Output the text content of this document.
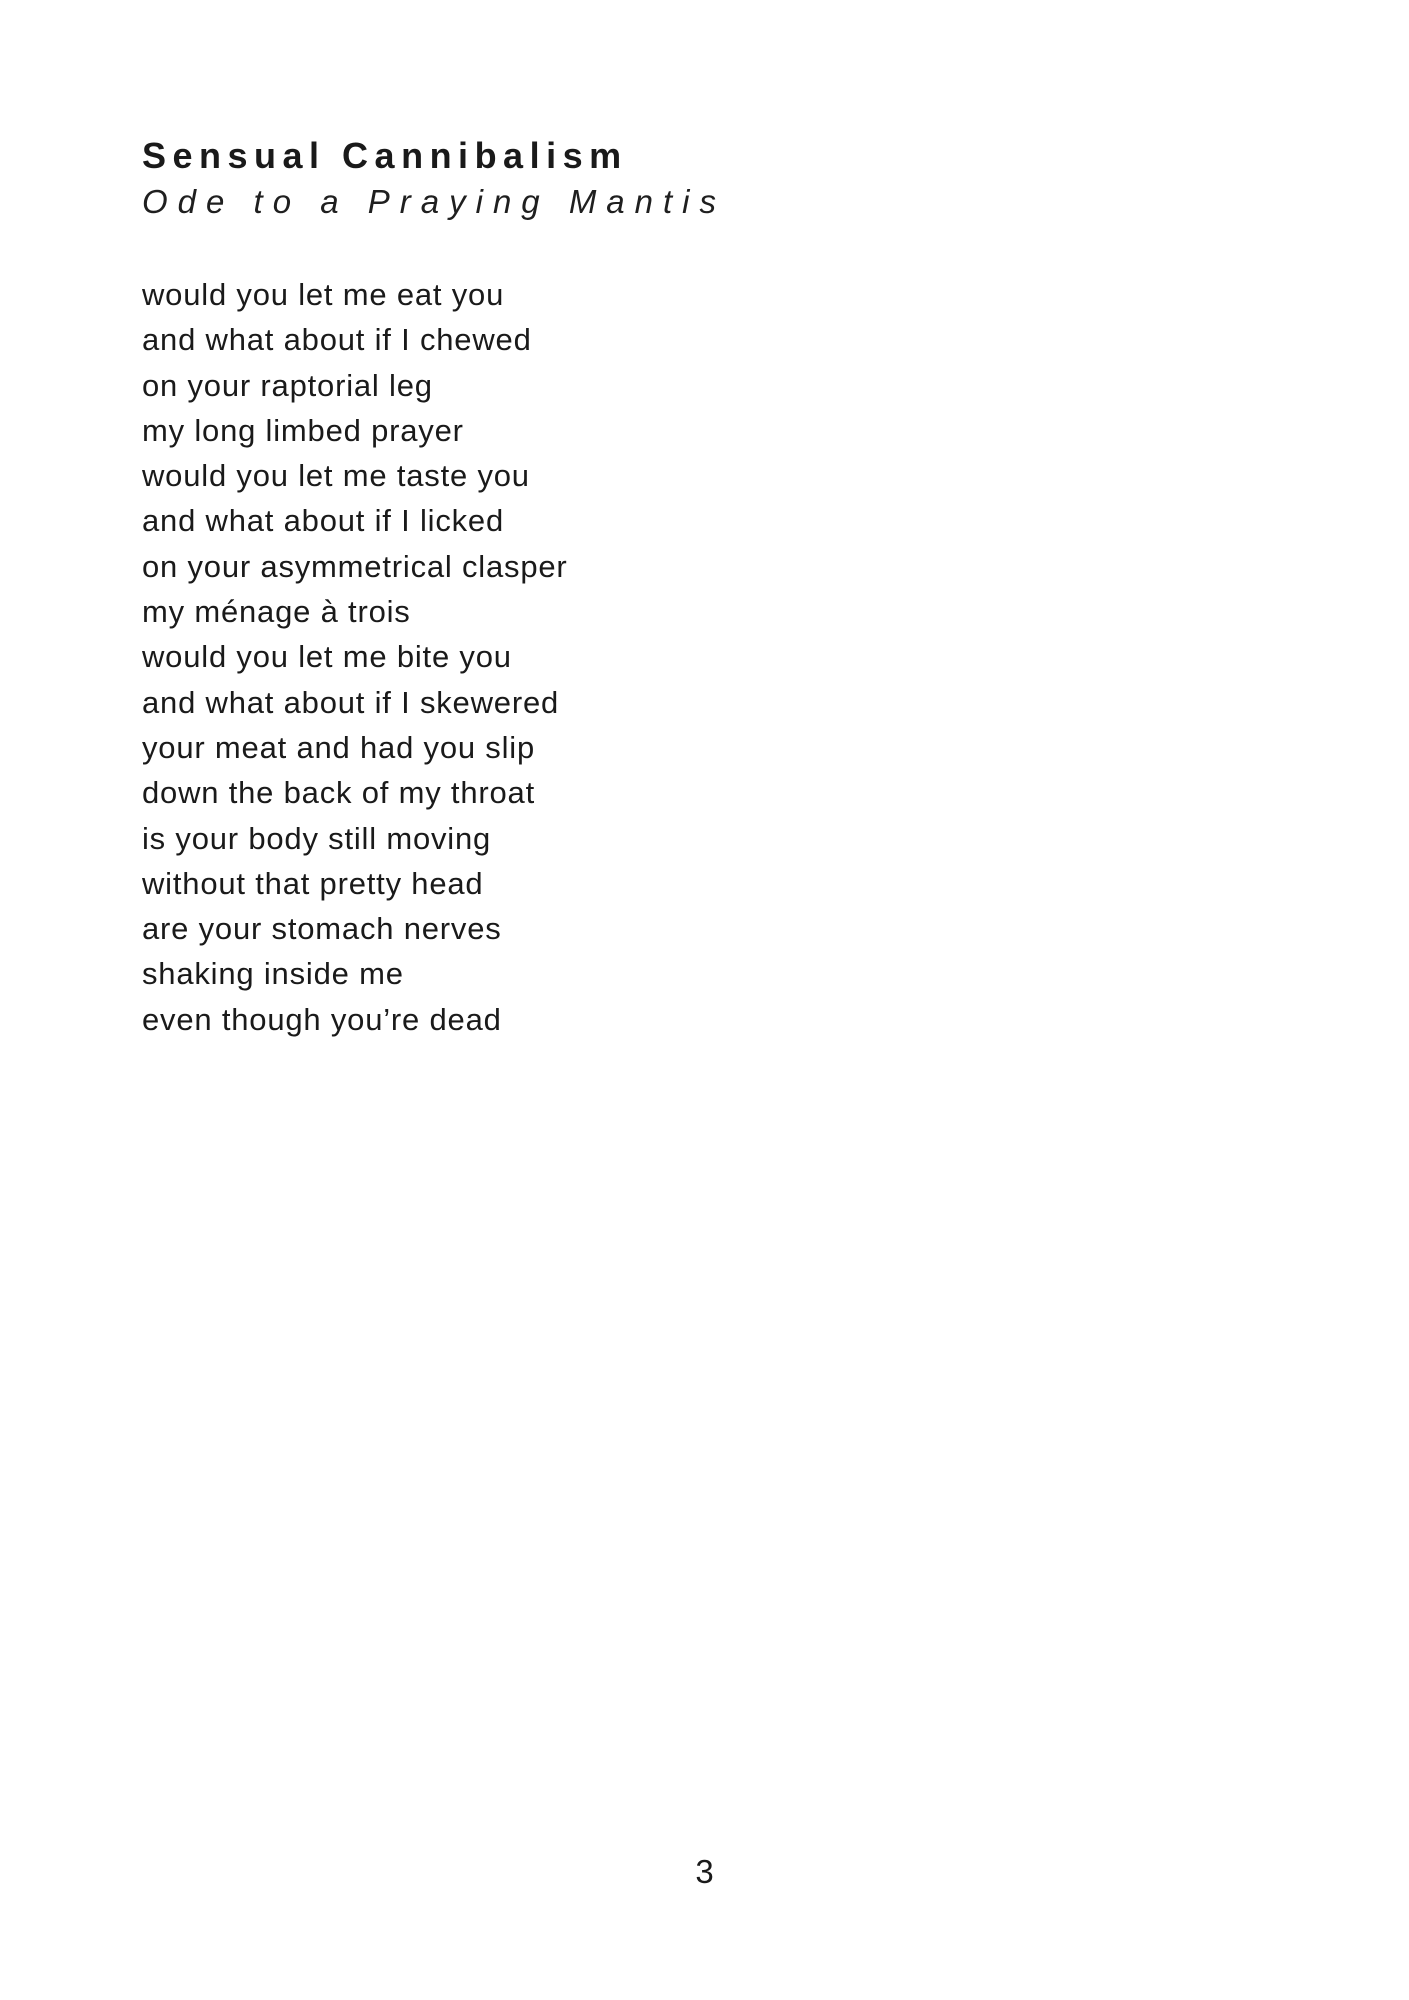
Sensual Cannibalism
Ode to a Praying Mantis
would you let me eat you
and what about if I chewed
on your raptorial leg
my long limbed prayer
would you let me taste you
and what about if I licked
on your asymmetrical clasper
my ménage à trois
would you let me bite you
and what about if I skewered
your meat and had you slip
down the back of my throat
is your body still moving
without that pretty head
are your stomach nerves
shaking inside me
even though you’re dead
3
